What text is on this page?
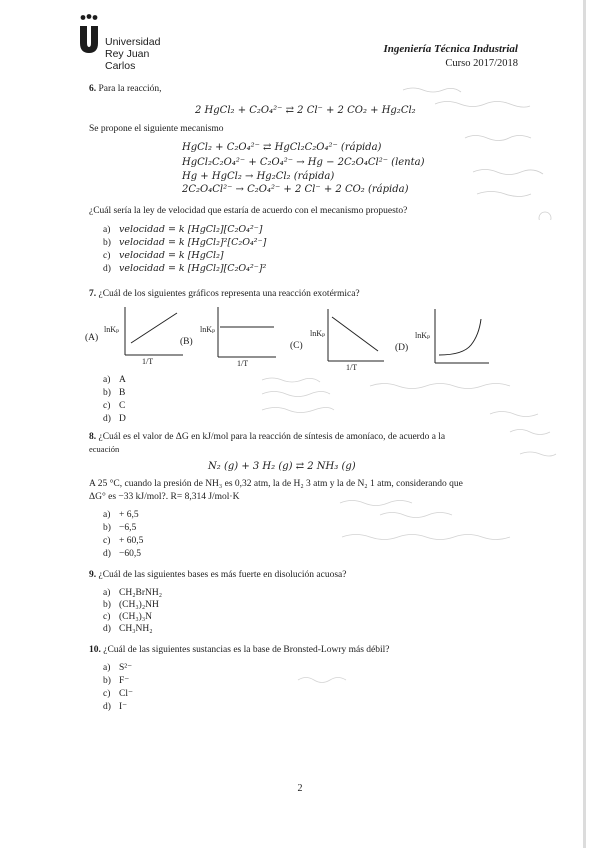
Universidad
Rey Juan Carlos
Ingeniería Técnica Industrial
Curso 2017/2018
6. Para la reacción,
2 HgCl₂ + C₂O₄²⁻ ⇄ 2 Cl⁻ + 2 CO₂ + Hg₂Cl₂
Se propone el siguiente mecanismo
HgCl₂ + C₂O₄²⁻ ⇄ HgCl₂C₂O₄²⁻ (rápida)
HgCl₂C₂O₄²⁻ + C₂O₄²⁻ → Hg − 2C₂O₄Cl²⁻ (lenta)
Hg + HgCl₂ → Hg₂Cl₂ (rápida)
2C₂O₄Cl²⁻ → C₂O₄²⁻ + 2 Cl⁻ + 2 CO₂ (rápida)
¿Cuál sería la ley de velocidad que estaría de acuerdo con el mecanismo propuesto?
a) velocidad = k [HgCl₂][C₂O₄²⁻]
b) velocidad = k [HgCl₂]²[C₂O₄²⁻]
c) velocidad = k [HgCl₂]
d) velocidad = k [HgCl₂][C₂O₄²⁻]²
7. ¿Cuál de los siguientes gráficos representa una reacción exotérmica?
(A)
lnKₚ
1/T
(B)
lnKₚ
1/T
(C)
lnKₚ
1/T
(D)
lnKₚ
a) A
b) B
c) C
d) D
8. ¿Cuál es el valor de ΔG en kJ/mol para la reacción de síntesis de amoníaco, de acuerdo a la
ecuación
N₂ (g) + 3 H₂ (g) ⇄ 2 NH₃ (g)
A 25 °C, cuando la presión de NH₃ es 0,32 atm, la de H₂ 3 atm y la de N₂ 1 atm, considerando que
ΔG° es −33 kJ/mol?. R= 8,314 J/mol·K
a) + 6,5
b) −6,5
c) + 60,5
d) −60,5
9. ¿Cuál de las siguientes bases es más fuerte en disolución acuosa?
a) CH₂BrNH₂
b) (CH₃)₂NH
c) (CH₃)₃N
d) CH₃NH₂
10. ¿Cuál de las siguientes sustancias es la base de Bronsted-Lowry más débil?
a) S²⁻
b) F⁻
c) Cl⁻
d) I⁻
2
